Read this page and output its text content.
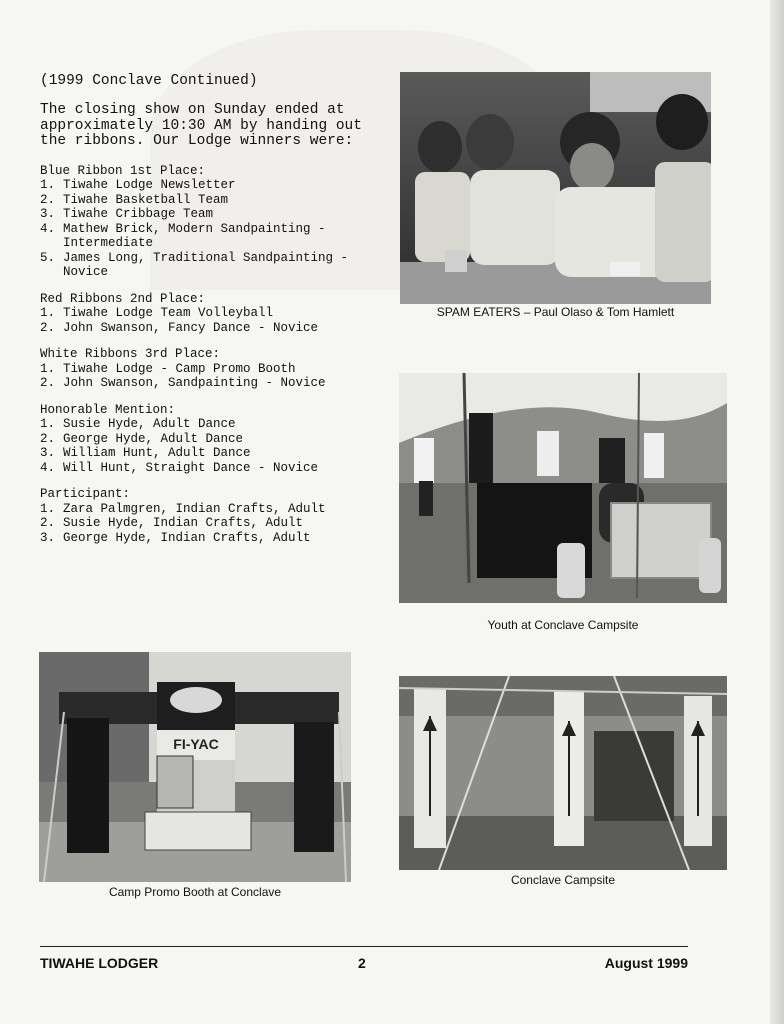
(1999 Conclave Continued)
The closing show on Sunday ended at approximately 10:30 AM by handing out the ribbons. Our Lodge winners were:
Blue Ribbon 1st Place:
1. Tiwahe Lodge Newsletter
2. Tiwahe Basketball Team
3. Tiwahe Cribbage Team
4. Mathew Brick, Modern Sandpainting - Intermediate
5. James Long, Traditional Sandpainting - Novice
Red Ribbons 2nd Place:
1. Tiwahe Lodge Team Volleyball
2. John Swanson, Fancy Dance - Novice
White Ribbons 3rd Place:
1. Tiwahe Lodge - Camp Promo Booth
2. John Swanson, Sandpainting - Novice
Honorable Mention:
1. Susie Hyde, Adult Dance
2. George Hyde, Adult Dance
3. William Hunt, Adult Dance
4. Will Hunt, Straight Dance - Novice
Participant:
1. Zara Palmgren, Indian Crafts, Adult
2. Susie Hyde, Indian Crafts, Adult
3. George Hyde, Indian Crafts, Adult
SPAM EATERS – Paul Olaso & Tom Hamlett
Youth at Conclave Campsite
FI-YAC
Camp Promo Booth at Conclave
Conclave Campsite
TIWAHE LODGER	2	August 1999
